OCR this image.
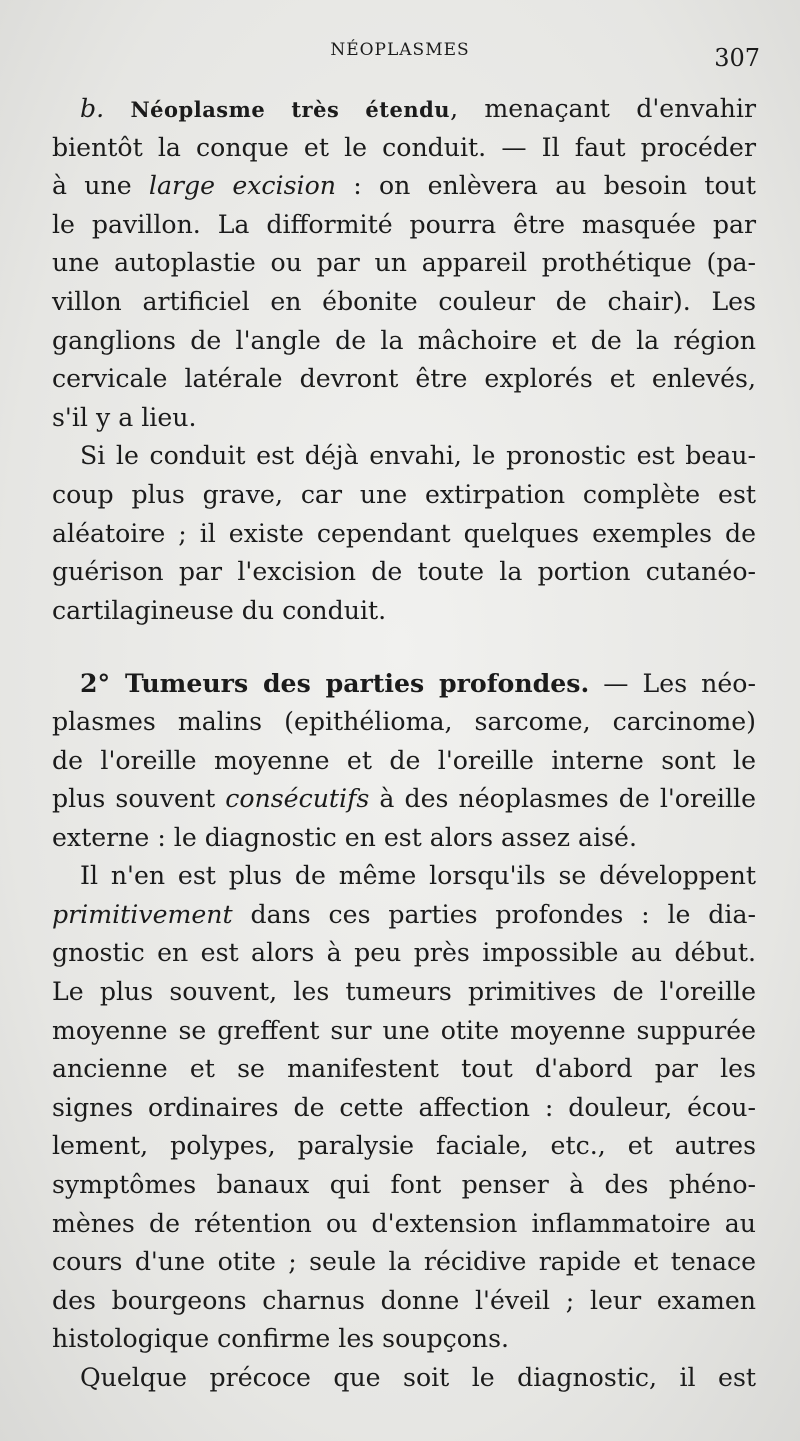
NÉOPLASMES	307
b. Néoplasme très étendu, menaçant d'envahir
bientôt la conque et le conduit. — Il faut procéder
à une large excision : on enlèvera au besoin tout
le pavillon. La difformité pourra être masquée par
une autoplastie ou par un appareil prothétique (pa-
villon artificiel en ébonite couleur de chair). Les
ganglions de l'angle de la mâchoire et de la région
cervicale latérale devront être explorés et enlevés,
s'il y a lieu.
Si le conduit est déjà envahi, le pronostic est beau-
coup plus grave, car une extirpation complète est
aléatoire ; il existe cependant quelques exemples de
guérison par l'excision de toute la portion cutanéo-
cartilagineuse du conduit.
2° Tumeurs des parties profondes. — Les néo-
plasmes malins (epithélioma, sarcome, carcinome)
de l'oreille moyenne et de l'oreille interne sont le
plus souvent consécutifs à des néoplasmes de l'oreille
externe : le diagnostic en est alors assez aisé.
Il n'en est plus de même lorsqu'ils se développent
primitivement dans ces parties profondes : le dia-
gnostic en est alors à peu près impossible au début.
Le plus souvent, les tumeurs primitives de l'oreille
moyenne se greffent sur une otite moyenne suppurée
ancienne et se manifestent tout d'abord par les
signes ordinaires de cette affection : douleur, écou-
lement, polypes, paralysie faciale, etc., et autres
symptômes banaux qui font penser à des phéno-
mènes de rétention ou d'extension inflammatoire au
cours d'une otite ; seule la récidive rapide et tenace
des bourgeons charnus donne l'éveil ; leur examen
histologique confirme les soupçons.
Quelque précoce que soit le diagnostic, il est
